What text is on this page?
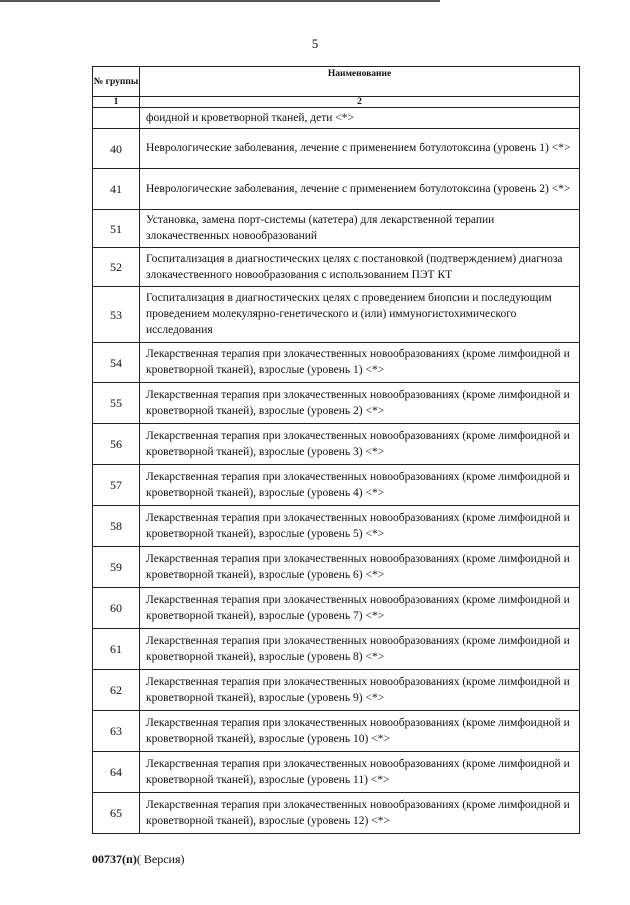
5
№ группы	Наименование
1	2
	фоидной и кроветворной тканей, дети <*>
40	Неврологические заболевания, лечение с применением ботулотоксина (уровень 1) <*>
41	Неврологические заболевания, лечение с применением ботулотоксина (уровень 2) <*>
51	Установка, замена порт-системы (катетера) для лекарственной терапии злокачественных новообразований
52	Госпитализация в диагностических целях с постановкой (подтверждением) диагноза злокачественного новообразования с использованием ПЭТ КТ
53	Госпитализация в диагностических целях с проведением биопсии и последующим проведением молекулярно-генетического и (или) иммуногистохимического исследования
54	Лекарственная терапия при злокачественных новообразованиях (кроме лимфоидной и кроветворной тканей), взрослые (уровень 1) <*>
55	Лекарственная терапия при злокачественных новообразованиях (кроме лимфоидной и кроветворной тканей), взрослые (уровень 2) <*>
56	Лекарственная терапия при злокачественных новообразованиях (кроме лимфоидной и кроветворной тканей), взрослые (уровень 3) <*>
57	Лекарственная терапия при злокачественных новообразованиях (кроме лимфоидной и кроветворной тканей), взрослые (уровень 4) <*>
58	Лекарственная терапия при злокачественных новообразованиях (кроме лимфоидной и кроветворной тканей), взрослые (уровень 5) <*>
59	Лекарственная терапия при злокачественных новообразованиях (кроме лимфоидной и кроветворной тканей), взрослые (уровень 6) <*>
60	Лекарственная терапия при злокачественных новообразованиях (кроме лимфоидной и кроветворной тканей), взрослые (уровень 7) <*>
61	Лекарственная терапия при злокачественных новообразованиях (кроме лимфоидной и кроветворной тканей), взрослые (уровень 8) <*>
62	Лекарственная терапия при злокачественных новообразованиях (кроме лимфоидной и кроветворной тканей), взрослые (уровень 9) <*>
63	Лекарственная терапия при злокачественных новообразованиях (кроме лимфоидной и кроветворной тканей), взрослые (уровень 10) <*>
64	Лекарственная терапия при злокачественных новообразованиях (кроме лимфоидной и кроветворной тканей), взрослые (уровень 11) <*>
65	Лекарственная терапия при злокачественных новообразованиях (кроме лимфоидной и кроветворной тканей), взрослые (уровень 12) <*>
00737(п)( Версия)
